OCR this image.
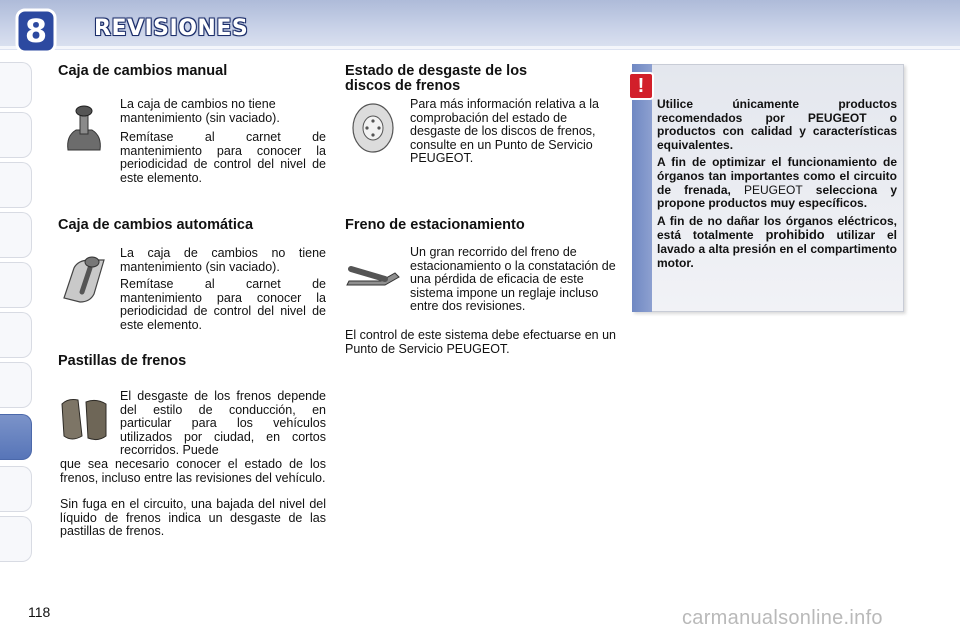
8	REVISIONES
Caja de cambios manual
La caja de cambios no tiene mantenimiento (sin vaciado).
Remítase al carnet de mantenimiento para conocer la periodicidad de control del nivel de este elemento.
Caja de cambios automática
La caja de cambios no tiene mantenimiento (sin vaciado).
Remítase al carnet de mantenimiento para conocer la periodicidad de control del nivel de este elemento.
Pastillas de frenos
El desgaste de los frenos depende del estilo de conducción, en particular para los vehículos utilizados por ciudad, en cortos recorridos. Puede
que sea necesario conocer el estado de los frenos, incluso entre las revisiones del vehículo.
Sin fuga en el circuito, una bajada del nivel del líquido de frenos indica un desgaste de las pastillas de frenos.
Estado de desgaste de los
discos de frenos
Para más información relativa a la comprobación del estado de desgaste de los discos de frenos, consulte en un Punto de Servicio PEUGEOT.
Freno de estacionamiento
Un gran recorrido del freno de estacionamiento o la constatación de una pérdida de eficacia de este sistema impone un reglaje incluso entre dos revisiones.
El control de este sistema debe efectuarse en un Punto de Servicio PEUGEOT.
!

Utilice únicamente productos recomendados por PEUGEOT o productos con calidad y características equivalentes.

A fin de optimizar el funcionamiento de órganos tan importantes como el circuito de frenada, PEUGEOT selecciona y propone productos muy específicos.

A fin de no dañar los órganos eléctricos, está totalmente prohibido utilizar el lavado a alta presión en el compartimento motor.

118	carmanualsonline.info
